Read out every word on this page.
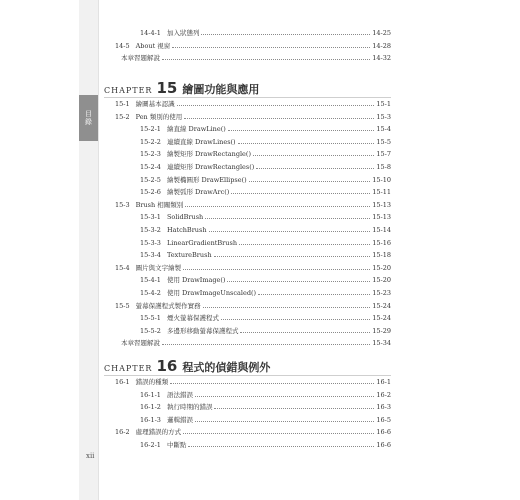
目錄
xii
14-4-1 加入狀態列	14-25
14-5 About 視窗	14-28
本章習題解說	14-32
CHAPTER 15 繪圖功能與應用
15-1 繪圖基本認識	15-1
15-2 Pen 類別的使用	15-3
15-2-1 繪直線 DrawLine()	15-4
15-2-2 連續直線 DrawLines()	15-5
15-2-3 繪製矩形 DrawRectangle()	15-7
15-2-4 連續矩形 DrawRectangles()	15-8
15-2-5 繪製橢圓形 DrawEllipse()	15-10
15-2-6 繪製弧形 DrawArc()	15-11
15-3 Brush 相關類別	15-13
15-3-1 SolidBrush	15-13
15-3-2 HatchBrush	15-14
15-3-3 LinearGradientBrush	15-16
15-3-4 TextureBrush	15-18
15-4 圖片與文字繪製	15-20
15-4-1 使用 DrawImage()	15-20
15-4-2 使用 DrawImageUnscaled()	15-23
15-5 螢幕保護程式製作實務	15-24
15-5-1 煙火螢幕保護程式	15-24
15-5-2 多邊形移動螢幕保護程式	15-29
本章習題解說	15-34
CHAPTER 16 程式的偵錯與例外
16-1 錯誤的種類	16-1
16-1-1 語法錯誤	16-2
16-1-2 執行時期的錯誤	16-3
16-1-3 邏輯錯誤	16-5
16-2 處理錯誤的方式	16-6
16-2-1 中斷點	16-6
